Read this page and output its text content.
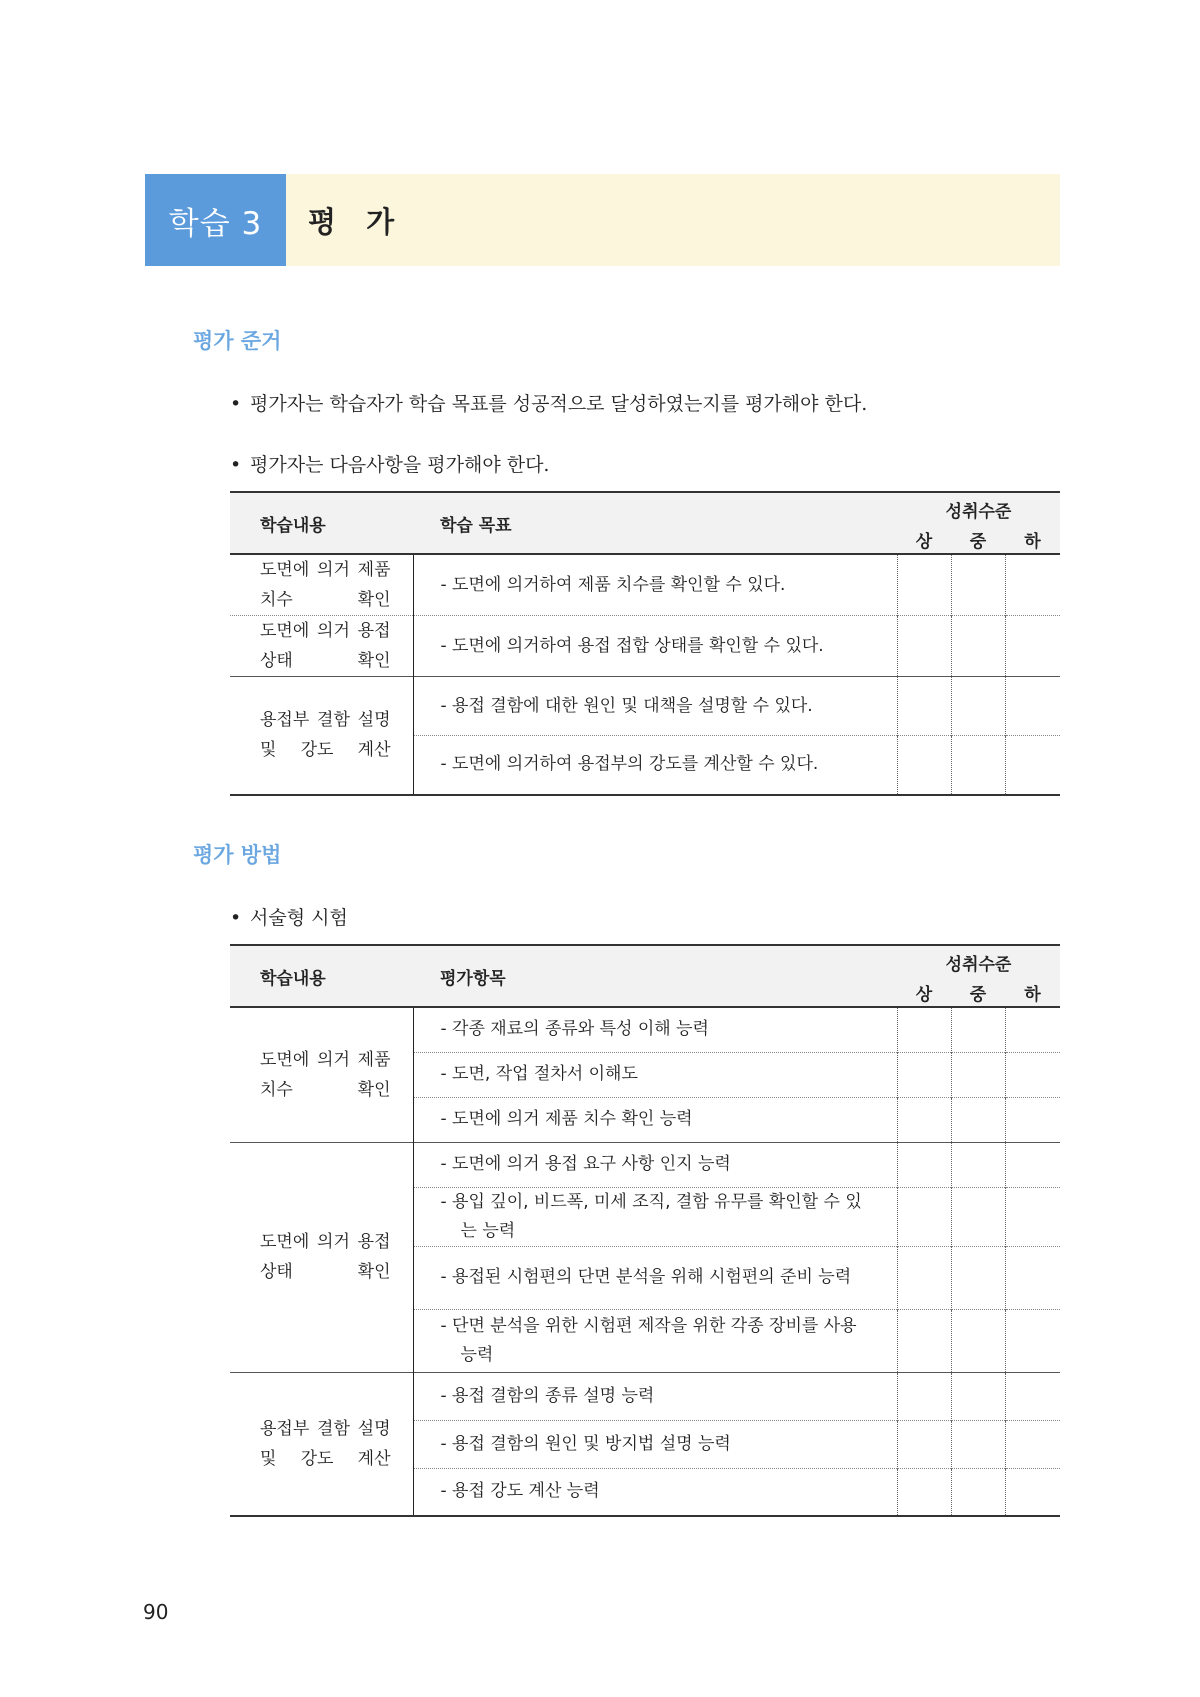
학습 3	평 가
평가 준거
• 평가자는 학습자가 학습 목표를 성공적으로 달성하였는지를 평가해야 한다.
• 평가자는 다음사항을 평가해야 한다.
학습내용	학습 목표	성취수준		
		상	중	하
도면에 의거 제품 치수 확인	- 도면에 의거하여 제품 치수를 확인할 수 있다.			

도면에 의거 용접 상태 확인	- 도면에 의거하여 용접 접합 상태를 확인할 수 있다.			

용접부 결함 설명 및 강도 계산	- 용접 결함에 대한 원인 및 대책을 설명할 수 있다.			

	- 도면에 의거하여 용접부의 강도를 계산할 수 있다.			

평가 방법
• 서술형 시험
학습내용	평가항목	성취수준		
		상	중	하
도면에 의거 제품 치수 확인	- 각종 재료의 종류와 특성 이해 능력			

	- 도면, 작업 절차서 이해도			

	- 도면에 의거 제품 치수 확인 능력			

도면에 의거 용접 상태 확인	- 도면에 의거 용접 요구 사항 인지 능력			

	- 용입 깊이, 비드폭, 미세 조직, 결함 유무를 확인할 수 있는 능력			

	- 용접된 시험편의 단면 분석을 위해 시험편의 준비 능력			

	- 단면 분석을 위한 시험편 제작을 위한 각종 장비를 사용 능력			

용접부 결함 설명 및 강도 계산	- 용접 결함의 종류 설명 능력			

	- 용접 결함의 원인 및 방지법 설명 능력			

	- 용접 강도 계산 능력			

90
